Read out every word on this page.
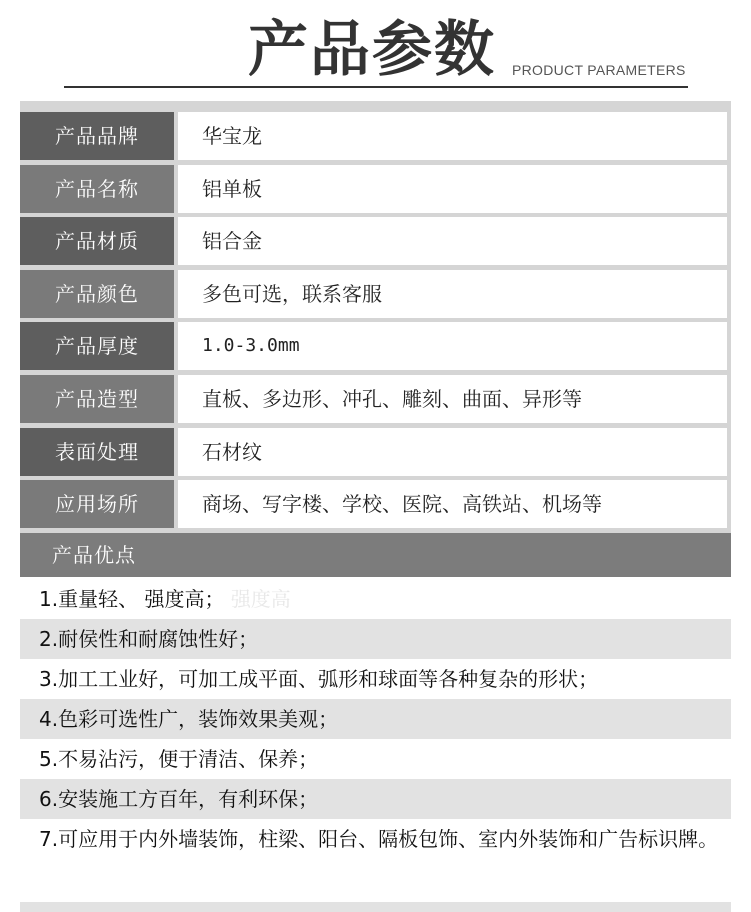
产品参数 PRODUCT PARAMETERS
产品品牌	华宝龙
产品名称	铝单板
产品材质	铝合金
产品颜色	多色可选，联系客服
产品厚度	1.0-3.0mm
产品造型	直板、多边形、冲孔、雕刻、曲面、异形等
表面处理	石材纹
应用场所	商场、写字楼、学校、医院、高铁站、机场等
产品优点
1.重量轻、 强度高； 强度高
2.耐侯性和耐腐蚀性好；
3.加工工业好，可加工成平面、弧形和球面等各种复杂的形状；
4.色彩可选性广，装饰效果美观；
5.不易沾污，便于清洁、保养；
6.安装施工方百年，有利环保；
7.可应用于内外墙装饰，柱梁、阳台、隔板包饰、室内外装饰和广告标识牌。
